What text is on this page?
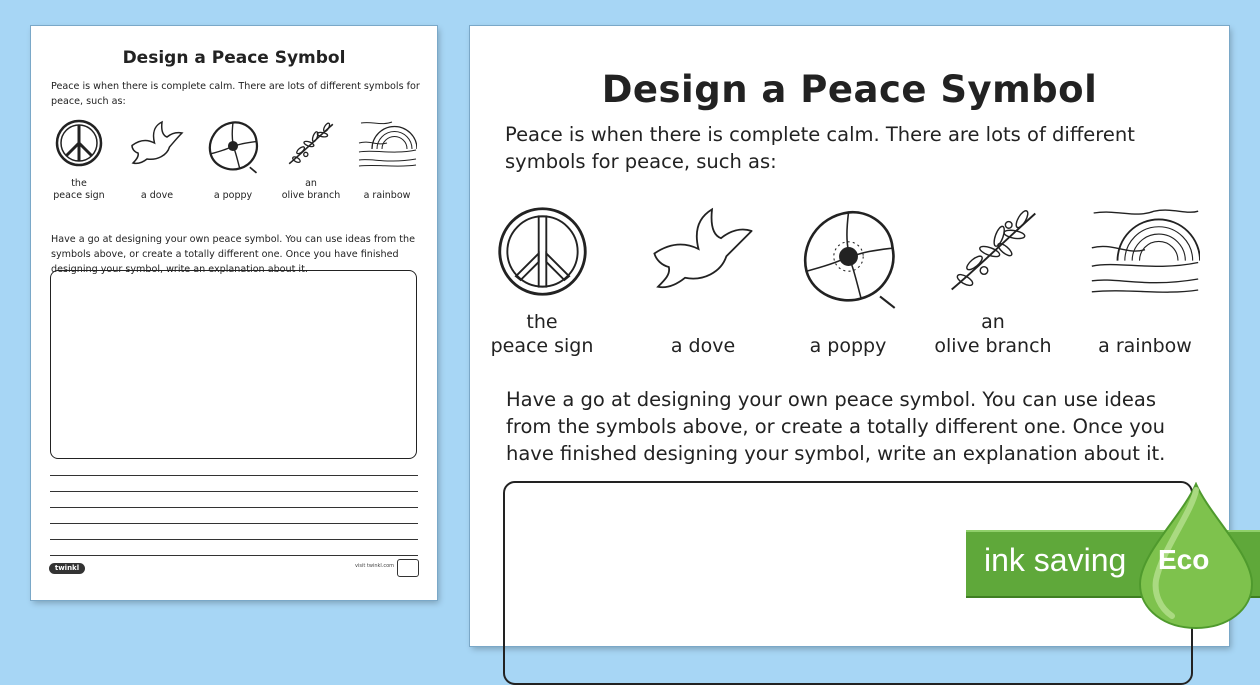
Design a Peace Symbol

Peace is when there is complete calm. There are lots of different symbols for peace, such as:

the
peace sign	a dove	a poppy
an
olive branch	a rainbow

Have a go at designing your own peace symbol. You can use ideas from the symbols above, or create a totally different one. Once you have finished designing your symbol, write an explanation about it.

twinkl	visit twinkl.com
Design a Peace Symbol

Peace is when there is complete calm. There are lots of different symbols for peace, such as:

the
peace sign	a dove	a poppy
an
olive branch	a rainbow

Have a go at designing your own peace symbol. You can use ideas from the symbols above, or create a totally different one. Once you have finished designing your symbol, write an explanation about it.

ink saving Eco
